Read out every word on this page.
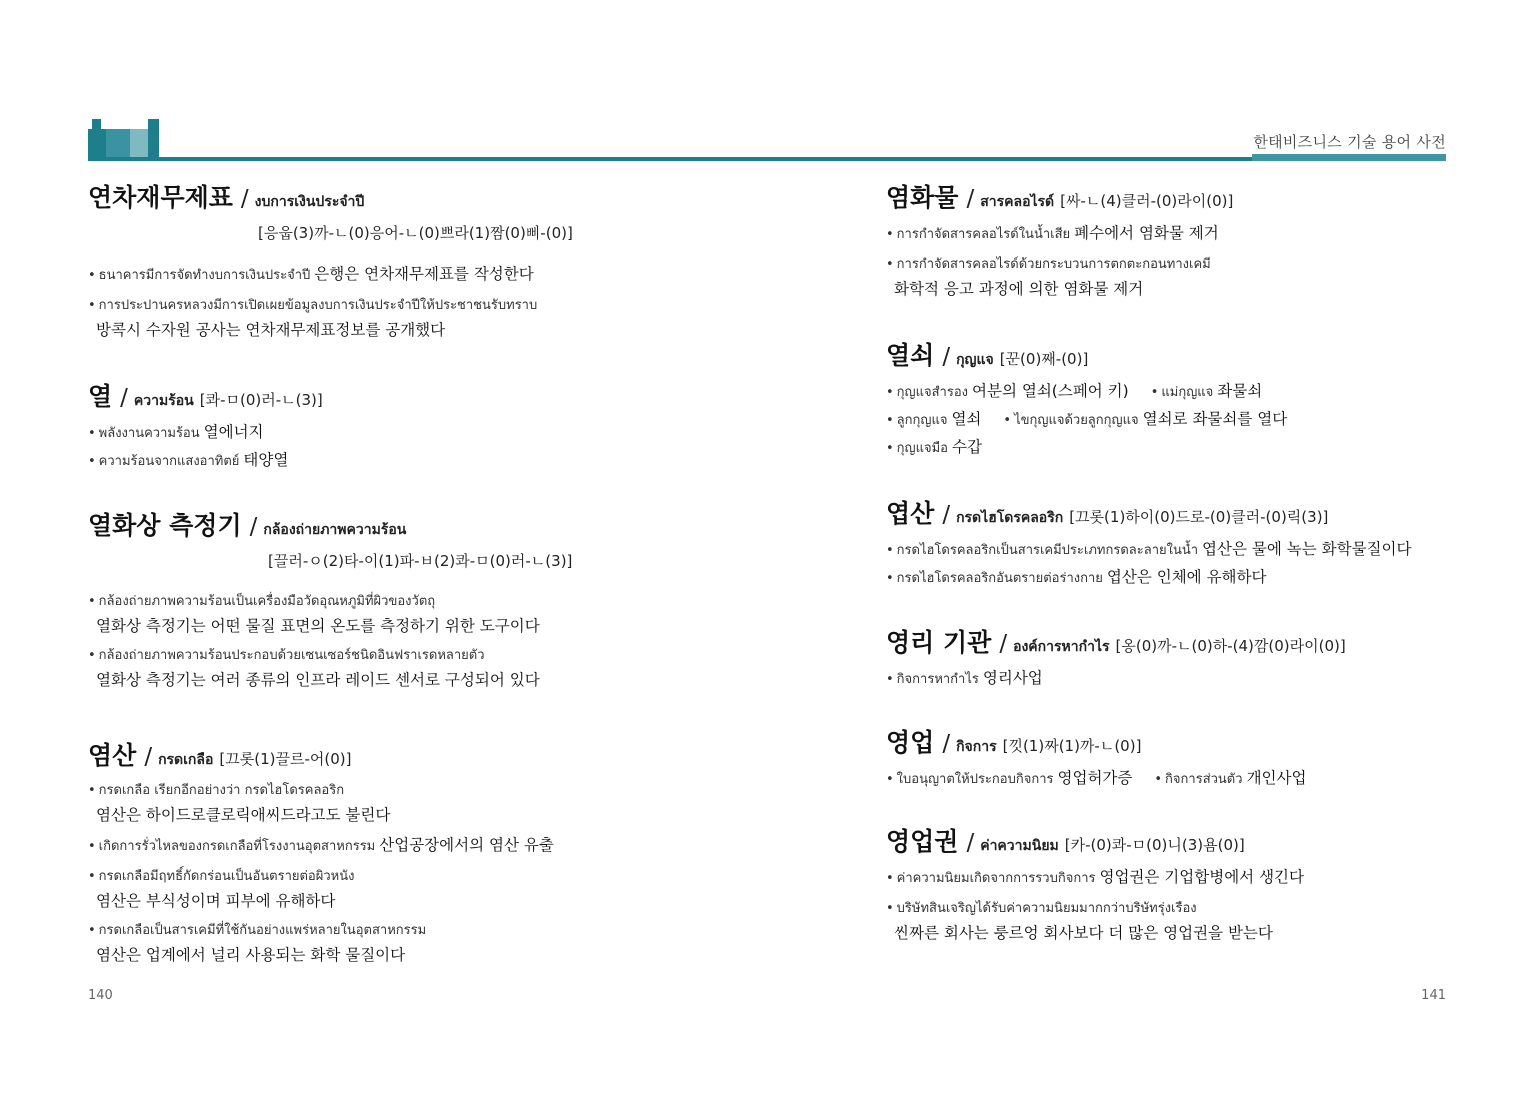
한태비즈니스 기술 용어 사전
연차재무제표 / งบการเงินประจำปี
[응웁(3)까-ㄴ(0)응어-ㄴ(0)쁘라(1)짬(0)삐-(0)]
• ธนาคารมีการจัดทำงบการเงินประจำปี 은행은 연차재무제표를 작성한다
• การประปานครหลวงมีการเปิดเผยข้อมูลงบการเงินประจำปีให้ประชาชนรับทราบ
방콕시 수자원 공사는 연차재무제표정보를 공개했다
열 / ความร้อน [콰-ㅁ(0)러-ㄴ(3)]
• พลังงานความร้อน 열에너지
• ความร้อนจากแสงอาทิตย์ 태양열
열화상 측정기 / กล้องถ่ายภาพความร้อน
[끌러-ㅇ(2)타-이(1)파-ㅂ(2)콰-ㅁ(0)러-ㄴ(3)]
• กล้องถ่ายภาพความร้อนเป็นเครื่องมือวัดอุณหภูมิที่ผิวของวัตถุ
열화상 측정기는 어떤 물질 표면의 온도를 측정하기 위한 도구이다
• กล้องถ่ายภาพความร้อนประกอบด้วยเซนเซอร์ชนิดอินฟราเรดหลายตัว
열화상 측정기는 여러 종류의 인프라 레이드 센서로 구성되어 있다
염산 / กรดเกลือ [끄롯(1)끌르-어(0)]
• กรดเกลือ เรียกอีกอย่างว่า กรดไฮโดรคลอริก
염산은 하이드로클로릭애씨드라고도 불린다
• เกิดการรั่วไหลของกรดเกลือที่โรงงานอุตสาหกรรม 산업공장에서의 염산 유출
• กรดเกลือมีฤทธิ์กัดกร่อนเป็นอันตรายต่อผิวหนัง
염산은 부식성이며 피부에 유해하다
• กรดเกลือเป็นสารเคมีที่ใช้กันอย่างแพร่หลายในอุตสาหกรรม
염산은 업계에서 널리 사용되는 화학 물질이다
140
염화물 / สารคลอไรด์ [싸-ㄴ(4)클러-(0)라이(0)]
• การกำจัดสารคลอไรด์ในน้ำเสีย 폐수에서 염화물 제거
• การกำจัดสารคลอไรด์ด้วยกระบวนการตกตะกอนทางเคมี
화학적 응고 과정에 의한 염화물 제거
열쇠 / กุญแจ [꾼(0)째-(0)]
• กุญแจสำรอง 여분의 열쇠(스페어 키) • แม่กุญแจ 좌물쇠
• ลูกกุญแจ 열쇠 • ไขกุญแจด้วยลูกกุญแจ 열쇠로 좌물쇠를 열다
• กุญแจมือ 수갑
엽산 / กรดไฮโดรคลอริก [끄롯(1)하이(0)드로-(0)클러-(0)릭(3)]
• กรดไฮโดรคลอริกเป็นสารเคมีประเภทกรดละลายในน้ำ 엽산은 물에 녹는 화학물질이다
• กรดไฮโดรคลอริกอันตรายต่อร่างกาย 엽산은 인체에 유해하다
영리 기관 / องค์การหากำไร [옹(0)까-ㄴ(0)하-(4)깜(0)라이(0)]
• กิจการหากำไร 영리사업
영업 / กิจการ [낏(1)짜(1)까-ㄴ(0)]
• ใบอนุญาตให้ประกอบกิจการ 영업허가증 • กิจการส่วนตัว 개인사업
영업권 / ค่าความนิยม [카-(0)콰-ㅁ(0)니(3)욤(0)]
• ค่าความนิยมเกิดจากการรวบกิจการ 영업권은 기업합병에서 생긴다
• บริษัทสินเจริญได้รับค่าความนิยมมากกว่าบริษัทรุ่งเรือง
씬짜른 회사는 룽르엉 회사보다 더 많은 영업권을 받는다
141
